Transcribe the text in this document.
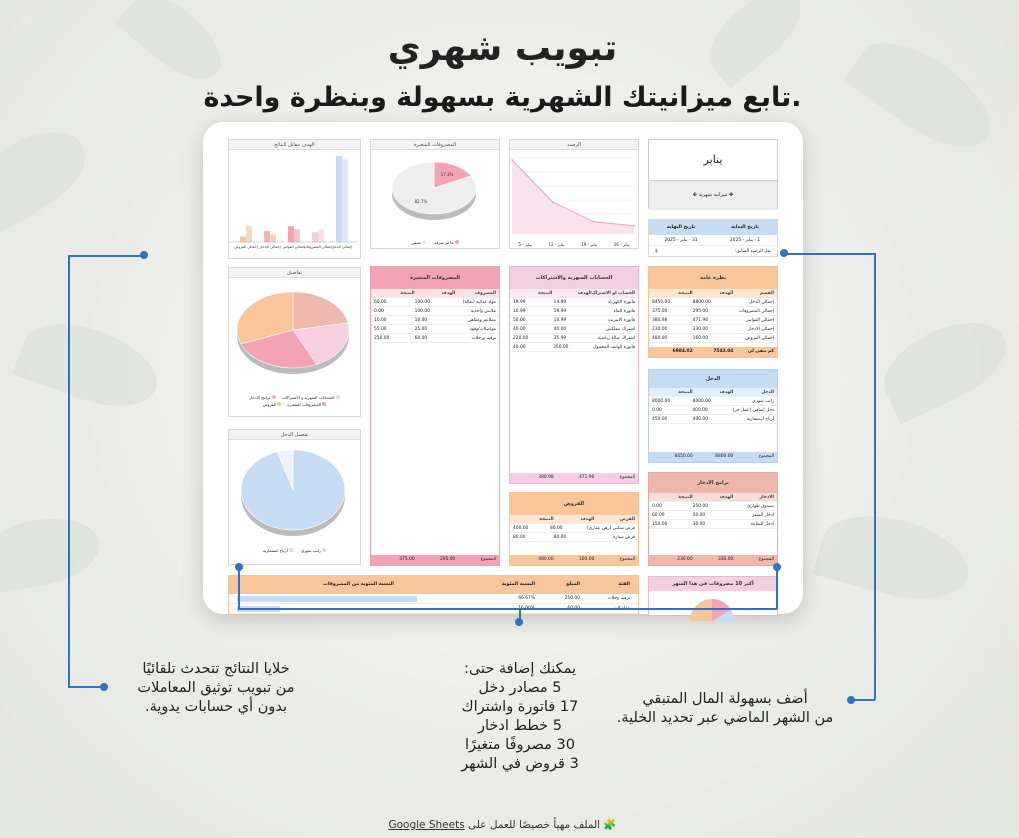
تبويب شهري
تابع ميزانيتك الشهرية بسهولة وبنظرة واحدة.
يناير
✤ ميزانية شهرية ✤
تاريخ البداية
تاريخ النهاية
1 - يناير - 2025
31 - يناير - 2025
نقل الرصيد السابق:
$
نظرة عامة
القسم
الهدف
النتيجة
إجمالي الدخل
8800.00
8450.00
إجمالي المصروفات
295.00
375.00
إجمالي الفواتير
471.96
380.98
إجمالي الادخار
330.00
230.00
إجمالي القروض
160.00
480.00
كم تبقى لي
7543.04
6984.02
الدخل
الدخل
الهدف
النتيجة
راتب شهري
8000.00
8000.00
دخل إضافي (عمل حر)
400.00
0.00
أرباح استثمارية
400.00
450.00
المجموع
8800.00
8450.00
برامج الادخار
الادخار
الهدف
النتيجة
صندوق طوارئ
250.00
0.00
ادخار السفر
50.00
60.00
ادخار للتقاعد
30.00
150.00
المجموع
330.00
230.00
أكبر 10 مصروفات في هذا الشهر
الرصيد
يناير - 26
يناير - 19
يناير - 12
يناير - 5
المصروفات المتغيرة
17.3%
82.7%
ما تم صرفه
متبقي
الهدف مقابل النتائج
إجمالي الدخل
إجمالي المصروفات
إجمالي الفواتير
إجمالي الادخار
إجمالي القروض
تفاصيل
الحسابات الشهرية و الاشتراكات
برامج الادخار
المصروفات المتغيرة
القروض
تفصيل الدخل
راتب شهري
أرباح استثمارية
الحسابات الشهرية والاشتراكات
الحساب او الاشتراك
الهدف
النتيجة
فاتورة الكهرباء
14.99
19.99
فاتورة الماء
19.99
10.99
فاتورة الانترنت
10.99
50.00
اشتراك نتفلكس
40.00
40.00
اشتراك صالة رياضية
35.99
220.00
فاتورة الهاتف المحمول
350.00
40.00
المجموع
471.96
380.98
القروض
القرض
الهدف
النتيجة
قرض سكني (رهن عقاري)
80.00
400.00
قرض سيارة
80.00
80.00
المجموع
160.00
480.00
المصروفات المتغيرة
المصروف
الهدف
النتيجة
مواد غذائية (بقالة)
100.00
60.00
ملابس وأحذية
100.00
0.00
مطاعم ومقاهي
10.00
10.00
مواصلات/وقود
25.00
55.00
ترفيه ورحلات
60.00
250.00
المجموع
295.00
375.00
الفئة
المبلغ
النسبة المئوية
النسبة المئوية من المصروفات
ترفيه وحلات
250.00
66.67%
خلايا النتائج تتحدث تلقائيًا
من تبويب توثيق المعاملات
بدون أي حسابات يدوية.
يمكنك إضافة حتى:
5 مصادر دخل
17 فاتورة واشتراك
5 خطط ادخار
30 مصروفًا متغيرًا
3 قروض في الشهر
أضف بسهولة المال المتبقي
من الشهر الماضي عبر تحديد الخلية.
🧩 الملف مهيأ خصيصًا للعمل على Google Sheets
